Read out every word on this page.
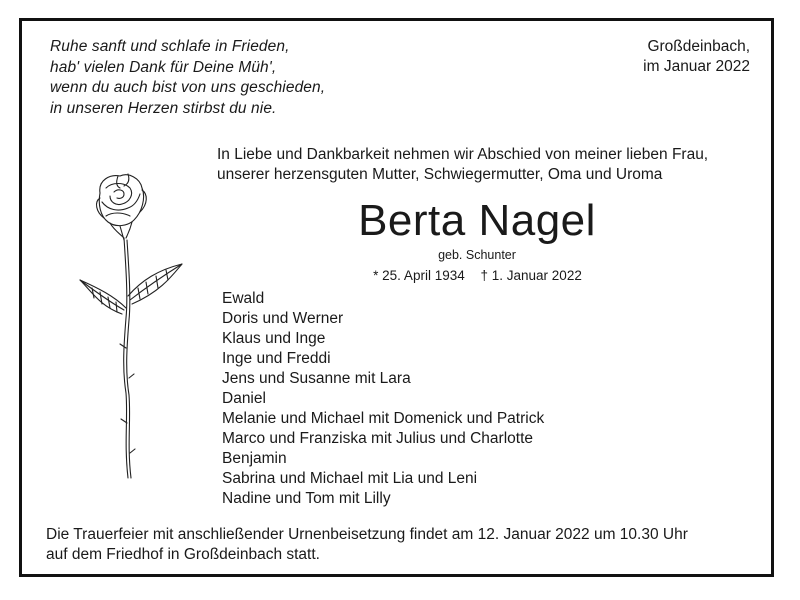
Ruhe sanft und schlafe in Frieden,
hab' vielen Dank für Deine Müh',
wenn du auch bist von uns geschieden,
in unseren Herzen stirbst du nie.
Großdeinbach,
im Januar 2022
In Liebe und Dankbarkeit nehmen wir Abschied von meiner lieben Frau,
unserer herzensguten Mutter, Schwiegermutter, Oma und Uroma
Berta Nagel
geb. Schunter
* 25. April 1934 † 1. Januar 2022
Ewald
Doris und Werner
Klaus und Inge
Inge und Freddi
Jens und Susanne mit Lara
Daniel
Melanie und Michael mit Domenick und Patrick
Marco und Franziska mit Julius und Charlotte
Benjamin
Sabrina und Michael mit Lia und Leni
Nadine und Tom mit Lilly
Die Trauerfeier mit anschließender Urnenbeisetzung findet am 12. Januar 2022 um 10.30 Uhr
auf dem Friedhof in Großdeinbach statt.
